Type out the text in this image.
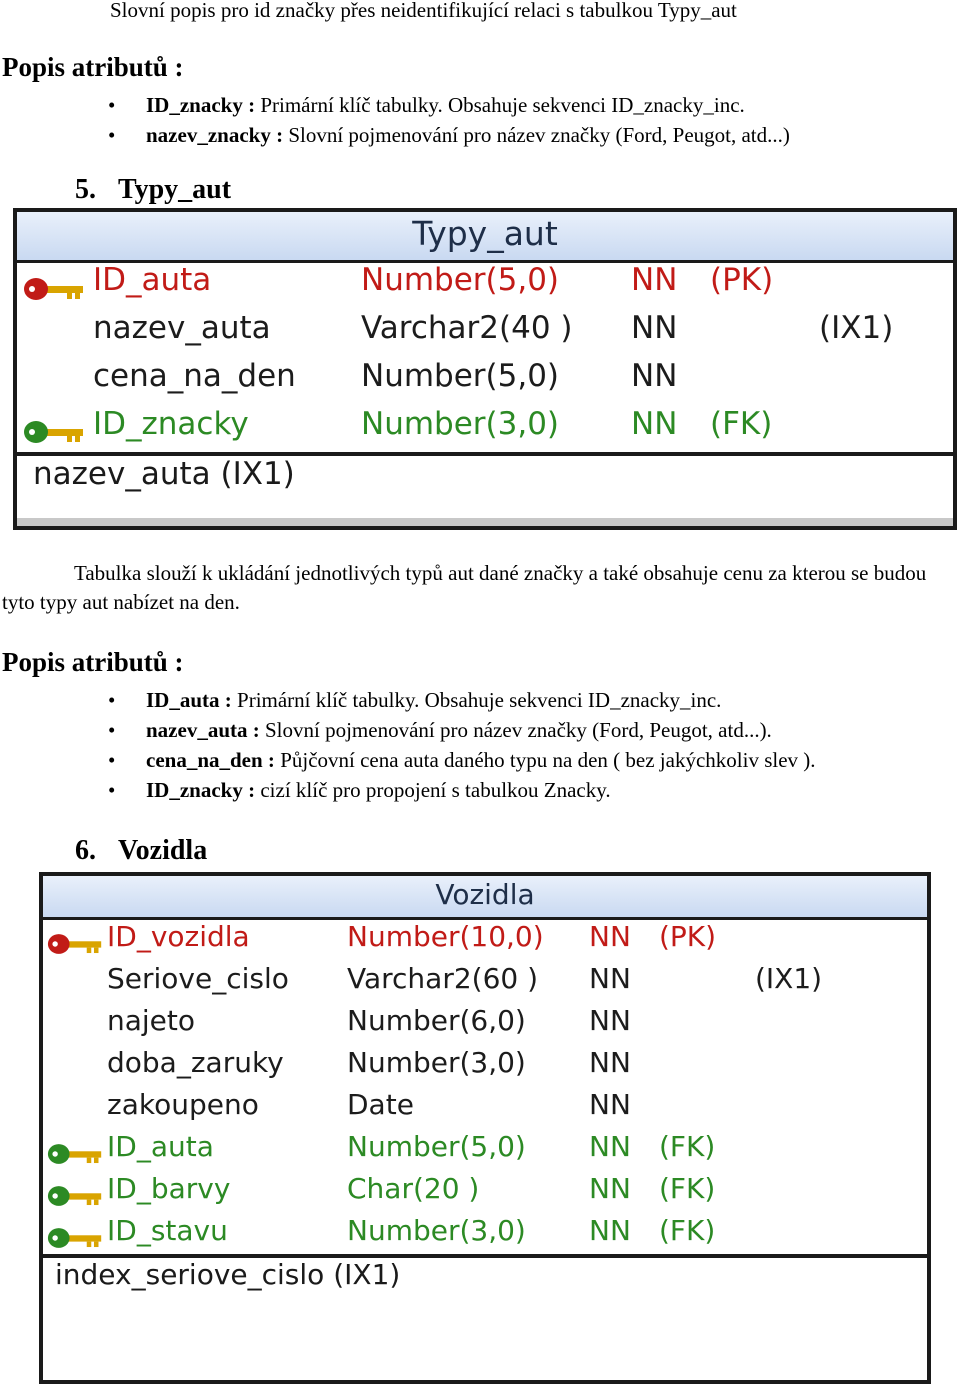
Slovní popis pro id značky přes neidentifikující relaci s tabulkou Typy_aut
Popis atributů :
• ID_znacky : Primární klíč tabulky. Obsahuje sekvenci ID_znacky_inc.
• nazev_znacky : Slovní pojmenování pro název značky (Ford, Peugot, atd...)
5. Typy_aut
Typy_aut
ID_auta	Number(5,0) NN (PK)
nazev_auta	Varchar2(40 ) NN	(IX1)
cena_na_den Number(5,0) NN
ID_znacky	Number(3,0) NN (FK)
nazev_auta (IX1)
Tabulka slouží k ukládání jednotlivých typů aut dané značky a také obsahuje cenu za kterou se budou tyto typy aut nabízet na den.
Popis atributů :
• ID_auta : Primární klíč tabulky. Obsahuje sekvenci ID_znacky_inc.
• nazev_auta : Slovní pojmenování pro název značky (Ford, Peugot, atd...).
• cena_na_den : Půjčovní cena auta daného typu na den ( bez jakýchkoliv slev ).
• ID_znacky : cizí klíč pro propojení s tabulkou Znacky.
6. Vozidla
Vozidla
ID_vozidla	Number(10,0) NN (PK)
Seriove_cislo Varchar2(60 ) NN	(IX1)
najeto	Number(6,0) NN
doba_zaruky Number(3,0) NN
zakoupeno	Date	NN
ID_auta	Number(5,0) NN (FK)
ID_barvy	Char(20 )	NN (FK)
ID_stavu	Number(3,0) NN (FK)
index_seriove_cislo (IX1)
